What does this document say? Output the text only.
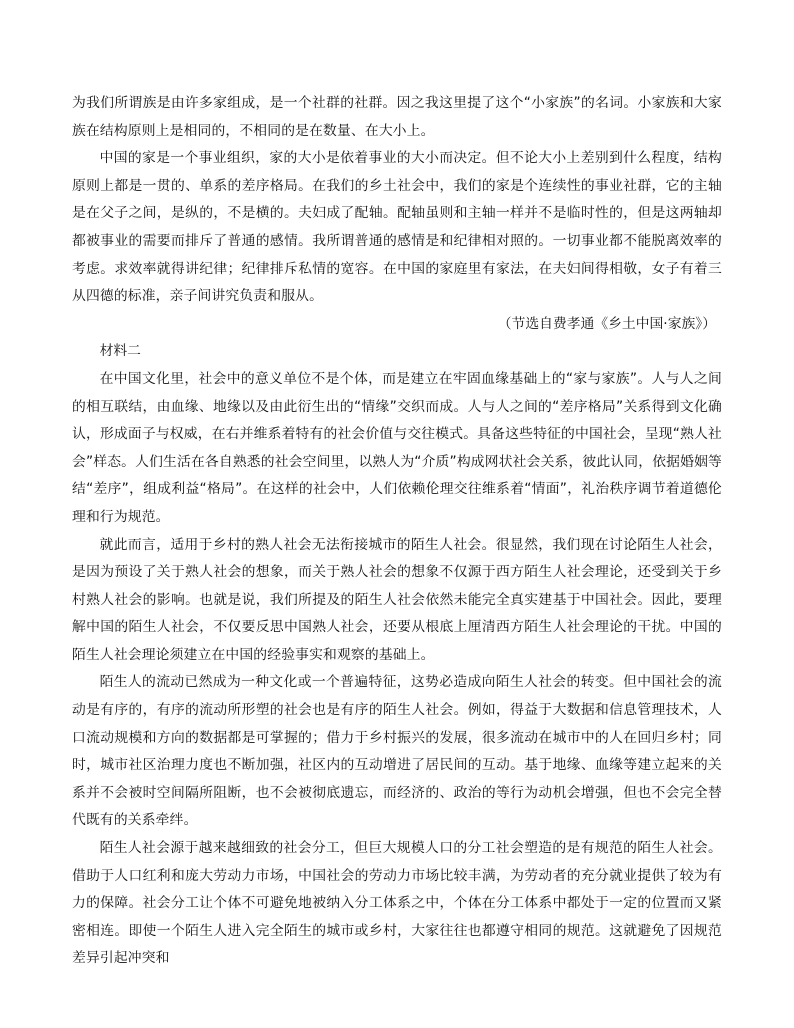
为我们所谓族是由许多家组成，是一个社群的社群。因之我这里提了这个“小家族”的名词。小家族和大家族在结构原则上是相同的，不相同的是在数量、在大小上。

中国的家是一个事业组织，家的大小是依着事业的大小而决定。但不论大小上差别到什么程度，结构原则上都是一贯的、单系的差序格局。在我们的乡土社会中，我们的家是个连续性的事业社群，它的主轴是在父子之间，是纵的，不是横的。夫妇成了配轴。配轴虽则和主轴一样并不是临时性的，但是这两轴却都被事业的需要而排斥了普通的感情。我所谓普通的感情是和纪律相对照的。一切事业都不能脱离效率的考虑。求效率就得讲纪律；纪律排斥私情的宽容。在中国的家庭里有家法，在夫妇间得相敬，女子有着三从四德的标准，亲子间讲究负责和服从。

（节选自费孝通《乡土中国·家族》）

材料二

在中国文化里，社会中的意义单位不是个体，而是建立在牢固血缘基础上的“家与家族”。人与人之间的相互联结，由血缘、地缘以及由此衍生出的“情缘”交织而成。人与人之间的“差序格局”关系得到文化确认，形成面子与权威，在右并维系着特有的社会价值与交往模式。具备这些特征的中国社会，呈现“熟人社会”样态。人们生活在各自熟悉的社会空间里，以熟人为“介质”构成网状社会关系，彼此认同，依据婚姻等结“差序”，组成利益“格局”。在这样的社会中，人们依赖伦理交往维系着“情面”，礼治秩序调节着道德伦理和行为规范。

就此而言，适用于乡村的熟人社会无法衔接城市的陌生人社会。很显然，我们现在讨论陌生人社会，是因为预设了关于熟人社会的想象，而关于熟人社会的想象不仅源于西方陌生人社会理论，还受到关于乡村熟人社会的影响。也就是说，我们所提及的陌生人社会依然未能完全真实建基于中国社会。因此，要理解中国的陌生人社会，不仅要反思中国熟人社会，还要从根底上厘清西方陌生人社会理论的干扰。中国的陌生人社会理论须建立在中国的经验事实和观察的基础上。

陌生人的流动已然成为一种文化或一个普遍特征，这势必造成向陌生人社会的转变。但中国社会的流动是有序的，有序的流动所形塑的社会也是有序的陌生人社会。例如，得益于大数据和信息管理技术，人口流动规模和方向的数据都是可掌握的；借力于乡村振兴的发展，很多流动在城市中的人在回归乡村；同时，城市社区治理力度也不断加强，社区内的互动增进了居民间的互动。基于地缘、血缘等建立起来的关系并不会被时空间隔所阻断，也不会被彻底遗忘，而经济的、政治的等行为动机会增强，但也不会完全替代既有的关系牵绊。

陌生人社会源于越来越细致的社会分工，但巨大规模人口的分工社会塑造的是有规范的陌生人社会。借助于人口红利和庞大劳动力市场，中国社会的劳动力市场比较丰满，为劳动者的充分就业提供了较为有力的保障。社会分工让个体不可避免地被纳入分工体系之中，个体在分工体系中都处于一定的位置而又紧密相连。即使一个陌生人进入完全陌生的城市或乡村，大家往往也都遵守相同的规范。这就避免了因规范差异引起冲突和
